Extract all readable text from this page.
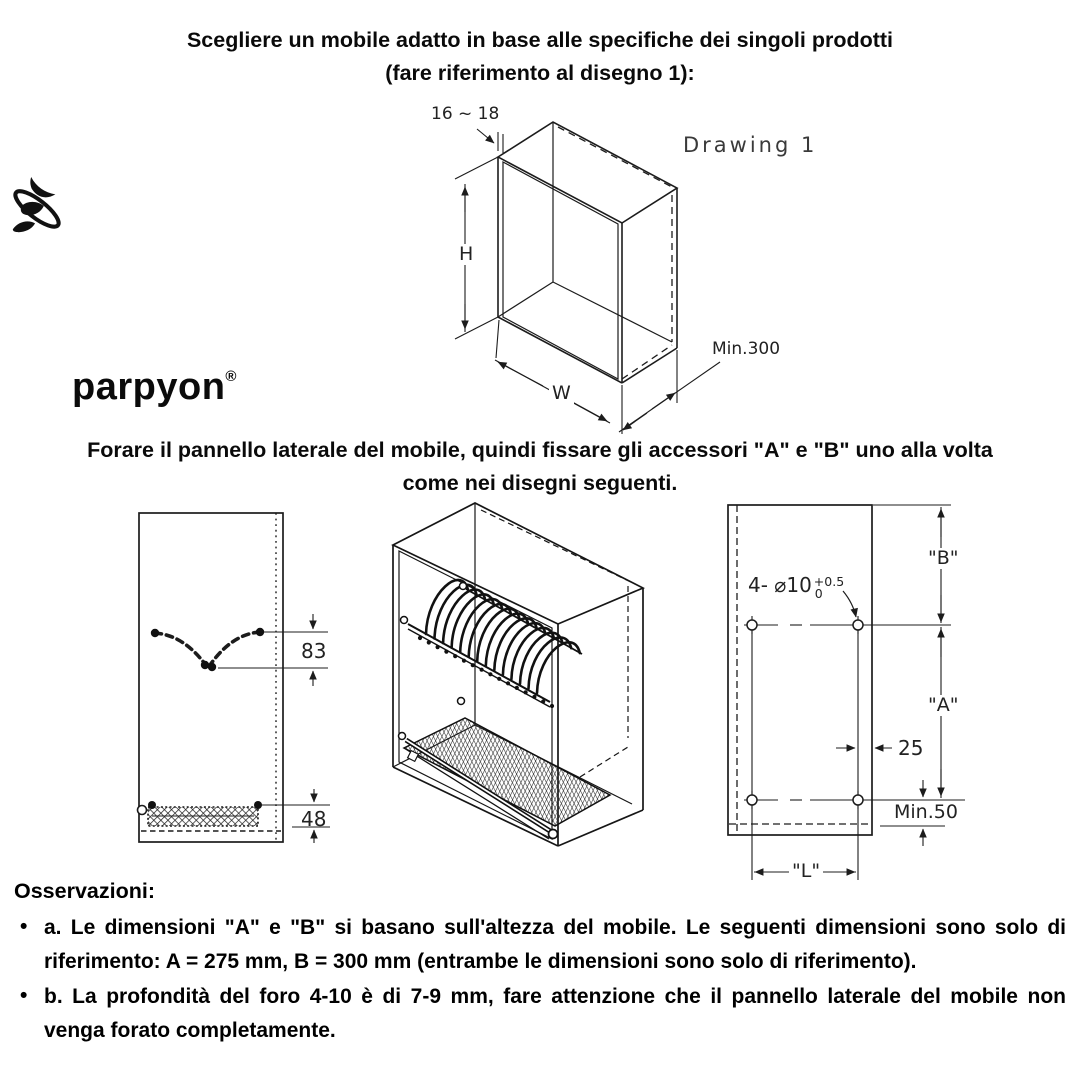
Scegliere un mobile adatto in base alle specifiche dei singoli prodotti
(fare riferimento al disegno 1):
parpyon®
16 ~ 18
Drawing 1
H
W
Min.300
Forare il pannello laterale del mobile, quindi fissare gli accessori "A" e "B" uno alla volta
come nei disegni seguenti.
83
48
4- ⌀10 +0.5
0
"B"
"A"
25
Min.50
"L"
Osservazioni:
• a. Le dimensioni "A" e "B" si basano sull'altezza del mobile. Le seguenti dimensioni sono solo di riferimento: A = 275 mm, B = 300 mm (entrambe le dimensioni sono solo di riferimento).
• b. La profondità del foro 4-10 è di 7-9 mm, fare attenzione che il pannello laterale del mobile non venga forato completamente.
